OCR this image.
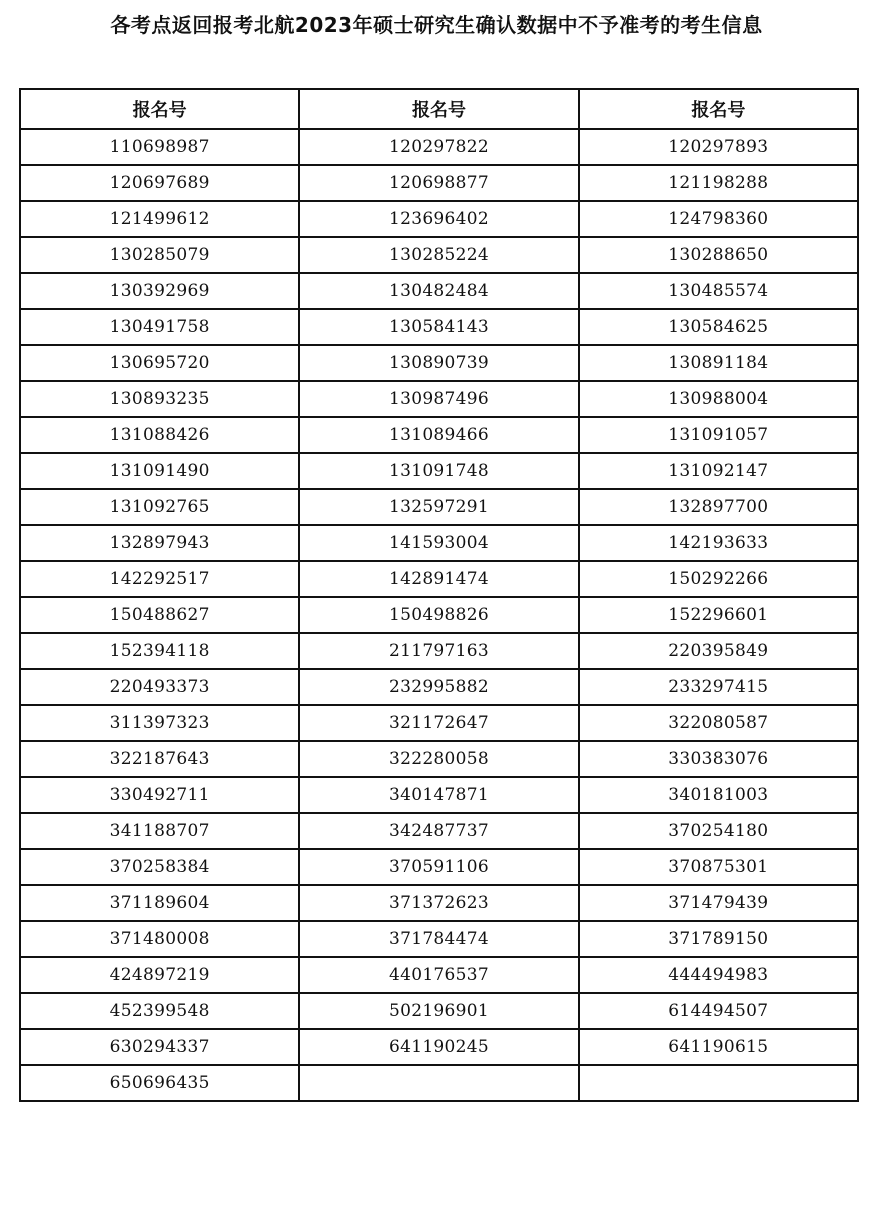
各考点返回报考北航2023年硕士研究生确认数据中不予准考的考生信息
报名号	报名号	报名号
110698987	120297822	120297893
120697689	120698877	121198288
121499612	123696402	124798360
130285079	130285224	130288650
130392969	130482484	130485574
130491758	130584143	130584625
130695720	130890739	130891184
130893235	130987496	130988004
131088426	131089466	131091057
131091490	131091748	131092147
131092765	132597291	132897700
132897943	141593004	142193633
142292517	142891474	150292266
150488627	150498826	152296601
152394118	211797163	220395849
220493373	232995882	233297415
311397323	321172647	322080587
322187643	322280058	330383076
330492711	340147871	340181003
341188707	342487737	370254180
370258384	370591106	370875301
371189604	371372623	371479439
371480008	371784474	371789150
424897219	440176537	444494983
452399548	502196901	614494507
630294337	641190245	641190615
650696435		
